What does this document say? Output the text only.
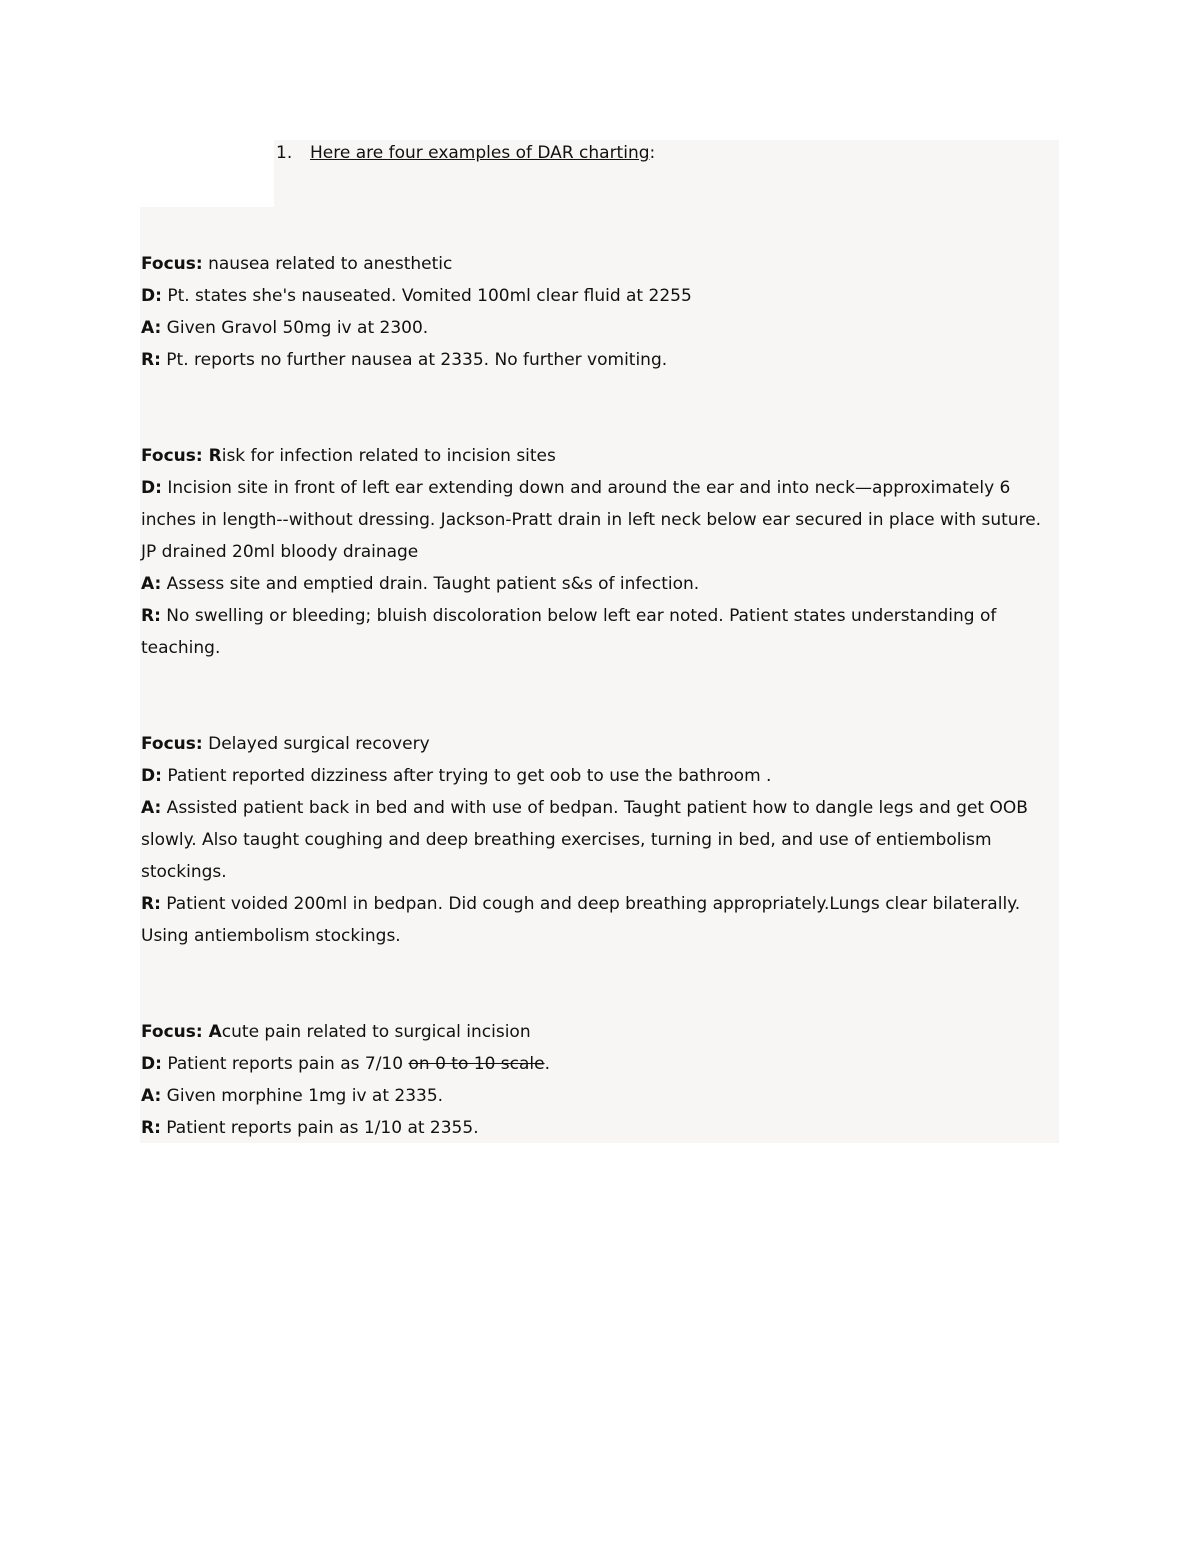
1. Here are four examples of DAR charting:

Focus: nausea related to anesthetic

D: Pt. states she's nauseated. Vomited 100ml clear fluid at 2255

A: Given Gravol 50mg iv at 2300.

R: Pt. reports no further nausea at 2335. No further vomiting.

Focus: Risk for infection related to incision sites

D: Incision site in front of left ear extending down and around the ear and into neck—approximately 6 inches in length--without dressing. Jackson-Pratt drain in left neck below ear secured in place with suture. JP drained 20ml bloody drainage

A: Assess site and emptied drain. Taught patient s&s of infection.

R: No swelling or bleeding; bluish discoloration below left ear noted. Patient states understanding of teaching.

Focus: Delayed surgical recovery

D: Patient reported dizziness after trying to get oob to use the bathroom .

A: Assisted patient back in bed and with use of bedpan. Taught patient how to dangle legs and get OOB slowly. Also taught coughing and deep breathing exercises, turning in bed, and use of entiembolism stockings.

R: Patient voided 200ml in bedpan. Did cough and deep breathing appropriately.Lungs clear bilaterally. Using antiembolism stockings.

Focus: Acute pain related to surgical incision

D: Patient reports pain as 7/10 on 0 to 10 scale.

A: Given morphine 1mg iv at 2335.

R: Patient reports pain as 1/10 at 2355.
